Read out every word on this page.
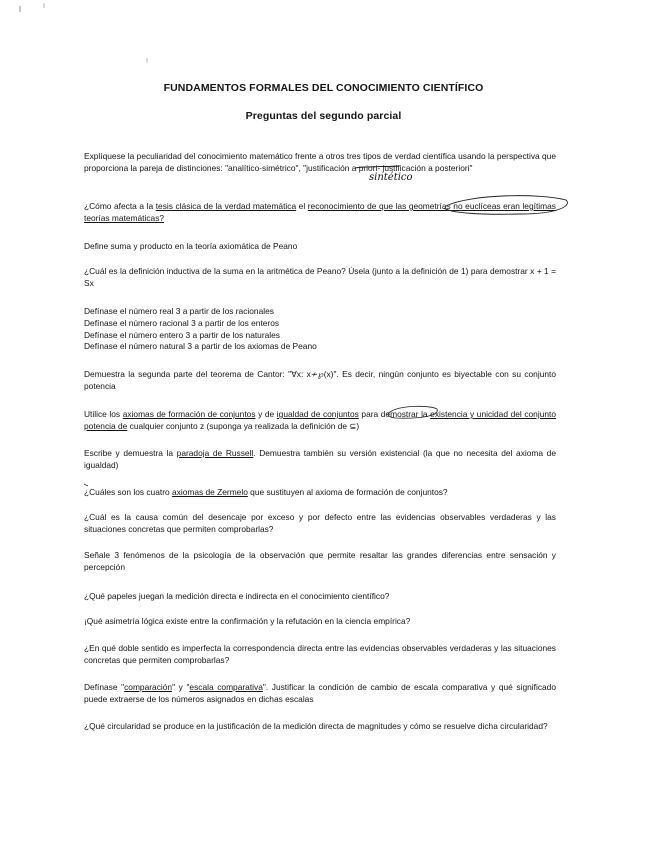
FUNDAMENTOS FORMALES DEL CONOCIMIENTO CIENTÍFICO
Preguntas del segundo parcial
Explíquese la peculiaridad del conocimiento matemático frente a otros tres tipos de verdad científica usando la perspectiva que proporciona la pareja de distinciones: "analítico-simétrico", "justificación a priori- justificación a posteriori"
sintético
¿Cómo afecta a la tesis clásica de la verdad matemática el reconocimiento de que las geometrías no euclíceas eran legítimas teorías matemáticas?
Define suma y producto en la teoría axiomática de Peano
¿Cuál es la definición inductiva de la suma en la aritmética de Peano? Úsela (junto a la definición de 1) para demostrar x + 1 = Sx
Defínase el número real 3 a partir de los racionales
Defínase el número racional 3 a partir de los enteros
Defínase el número entero 3 a partir de los naturales
Defínase el número natural 3 a partir de los axiomas de Peano
Demuestra la segunda parte del teorema de Cantor: "∀x: x≁℘(x)". Es decir, ningún conjunto es biyectable con su conjunto potencia
Utilice los axiomas de formación de conjuntos y de igualdad de conjuntos para demostrar la existencia y unicidad del conjunto potencia de cualquier conjunto z (suponga ya realizada la definición de ⊆)
Escribe y demuestra la paradoja de Russell. Demuestra también su versión existencial (la que no necesita del axioma de igualdad)
¿Cuáles son los cuatro axiomas de Zermelo que sustituyen al axioma de formación de conjuntos?
¿Cuál es la causa común del desencaje por exceso y por defecto entre las evidencias observables verdaderas y las situaciones concretas que permiten comprobarlas?
Señale 3 fenómenos de la psicología de la observación que permite resaltar las grandes diferencias entre sensación y percepción
¿Qué papeles juegan la medición directa e indirecta en el conocimiento científico?
¡Qué asimetría lógica existe entre la confirmación y la refutación en la ciencia empírica?
¿En qué doble sentido es imperfecta la correspondencia directa entre las evidencias observables verdaderas y las situaciones concretas que permiten comprobarlas?
Defínase "comparación" y "escala comparativa". Justificar la condición de cambio de escala comparativa y qué significado puede extraerse de los números asignados en dichas escalas
¿Qué circularidad se produce en la justificación de la medición directa de magnitudes y cómo se resuelve dicha circularidad?
